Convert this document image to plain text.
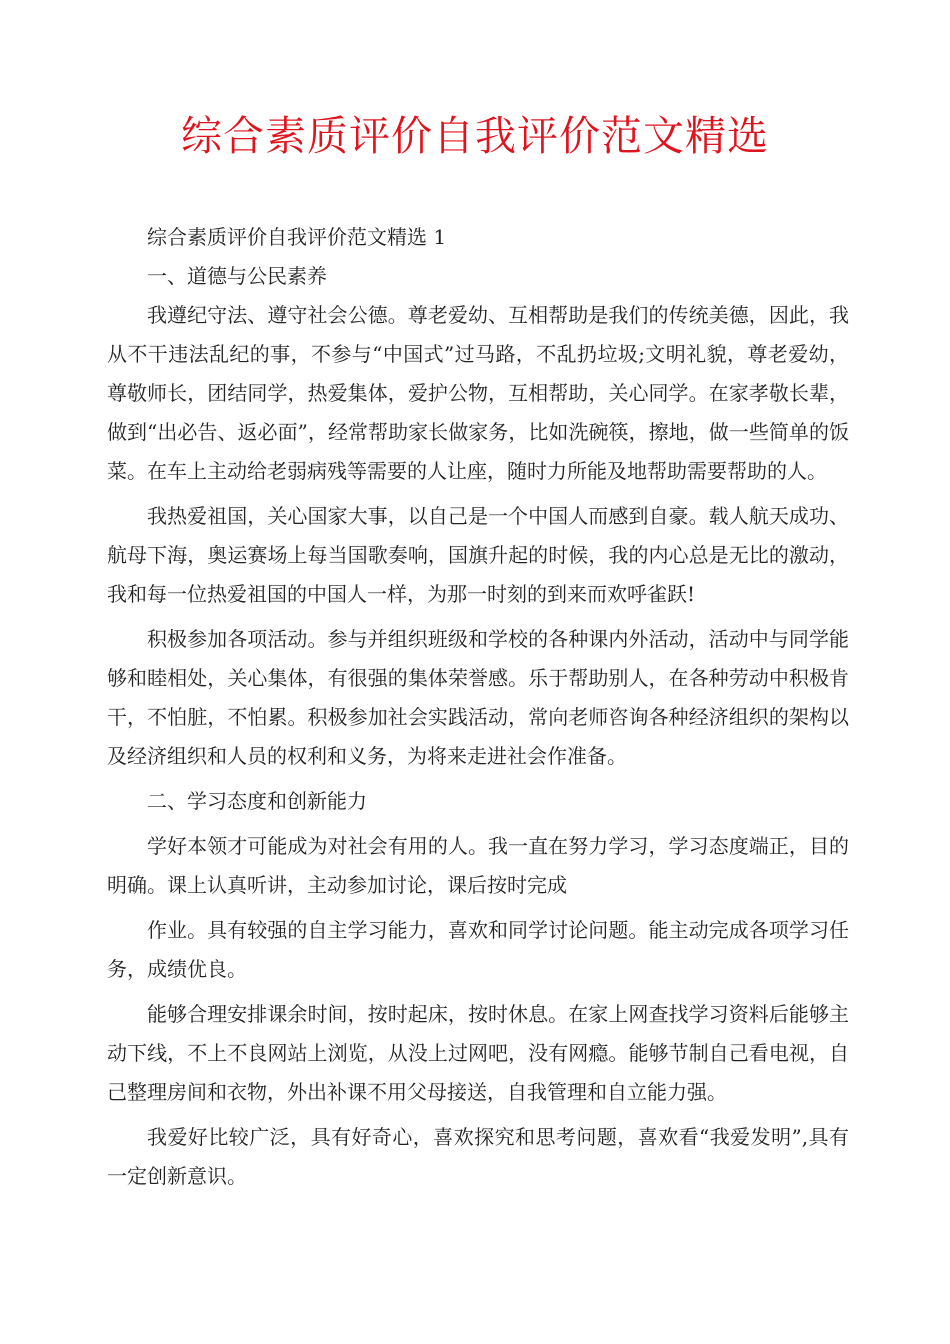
综合素质评价自我评价范文精选

综合素质评价自我评价范文精选 1

一、道德与公民素养

我遵纪守法、遵守社会公德。尊老爱幼、互相帮助是我们的传统美德，因此，我从不干违法乱纪的事，不参与“中国式”过马路，不乱扔垃圾;文明礼貌，尊老爱幼，尊敬师长，团结同学，热爱集体，爱护公物，互相帮助，关心同学。在家孝敬长辈，做到“出必告、返必面”，经常帮助家长做家务，比如洗碗筷，擦地，做一些简单的饭菜。在车上主动给老弱病残等需要的人让座，随时力所能及地帮助需要帮助的人。

我热爱祖国，关心国家大事，以自己是一个中国人而感到自豪。载人航天成功、航母下海，奥运赛场上每当国歌奏响，国旗升起的时候，我的内心总是无比的激动，我和每一位热爱祖国的中国人一样，为那一时刻的到来而欢呼雀跃!

积极参加各项活动。参与并组织班级和学校的各种课内外活动，活动中与同学能够和睦相处，关心集体，有很强的集体荣誉感。乐于帮助别人，在各种劳动中积极肯干，不怕脏，不怕累。积极参加社会实践活动，常向老师咨询各种经济组织的架构以及经济组织和人员的权利和义务，为将来走进社会作准备。

二、学习态度和创新能力

学好本领才可能成为对社会有用的人。我一直在努力学习，学习态度端正，目的明确。课上认真听讲，主动参加讨论，课后按时完成

作业。具有较强的自主学习能力，喜欢和同学讨论问题。能主动完成各项学习任务，成绩优良。

能够合理安排课余时间，按时起床，按时休息。在家上网查找学习资料后能够主动下线，不上不良网站上浏览，从没上过网吧，没有网瘾。能够节制自己看电视，自己整理房间和衣物，外出补课不用父母接送，自我管理和自立能力强。

我爱好比较广泛，具有好奇心，喜欢探究和思考问题，喜欢看“我爱发明”,具有一定创新意识。
